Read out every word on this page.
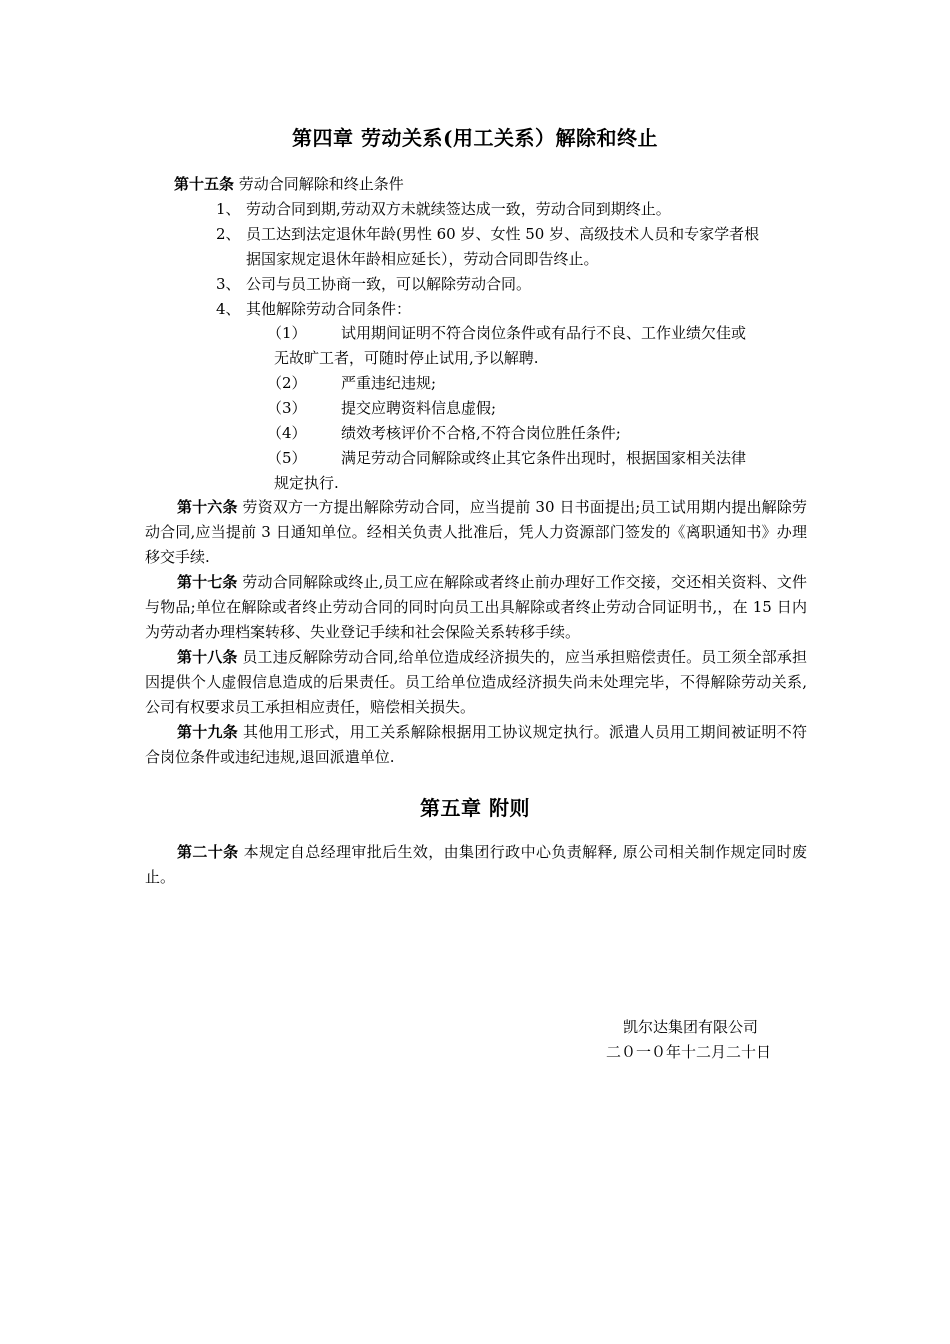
第四章 劳动关系(用工关系）解除和终止
第十五条 劳动合同解除和终止条件
1、 劳动合同到期,劳动双方未就续签达成一致，劳动合同到期终止。
2、 员工达到法定退休年龄(男性 60 岁、女性 50 岁、高级技术人员和专家学者根
据国家规定退休年龄相应延长），劳动合同即告终止。
3、 公司与员工协商一致，可以解除劳动合同。
4、 其他解除劳动合同条件：
（1） 试用期间证明不符合岗位条件或有品行不良、工作业绩欠佳或
无故旷工者，可随时停止试用,予以解聘.
（2） 严重违纪违规;
（3） 提交应聘资料信息虚假;
（4） 绩效考核评价不合格,不符合岗位胜任条件;
（5） 满足劳动合同解除或终止其它条件出现时，根据国家相关法律
规定执行.
第十六条 劳资双方一方提出解除劳动合同，应当提前 30 日书面提出;员工试用期内提出解除劳动合同,应当提前 3 日通知单位。经相关负责人批准后，凭人力资源部门签发的《离职通知书》办理移交手续.
第十七条 劳动合同解除或终止,员工应在解除或者终止前办理好工作交接，交还相关资料、文件与物品;单位在解除或者终止劳动合同的同时向员工出具解除或者终止劳动合同证明书,，在 15 日内为劳动者办理档案转移、失业登记手续和社会保险关系转移手续。
第十八条 员工违反解除劳动合同,给单位造成经济损失的，应当承担赔偿责任。员工须全部承担因提供个人虚假信息造成的后果责任。员工给单位造成经济损失尚未处理完毕，不得解除劳动关系,公司有权要求员工承担相应责任，赔偿相关损失。
第十九条 其他用工形式，用工关系解除根据用工协议规定执行。派遣人员用工期间被证明不符合岗位条件或违纪违规,退回派遣单位.
第五章 附则
第二十条 本规定自总经理审批后生效，由集团行政中心负责解释, 原公司相关制作规定同时废止。
凯尔达集团有限公司
二０一０年十二月二十日
